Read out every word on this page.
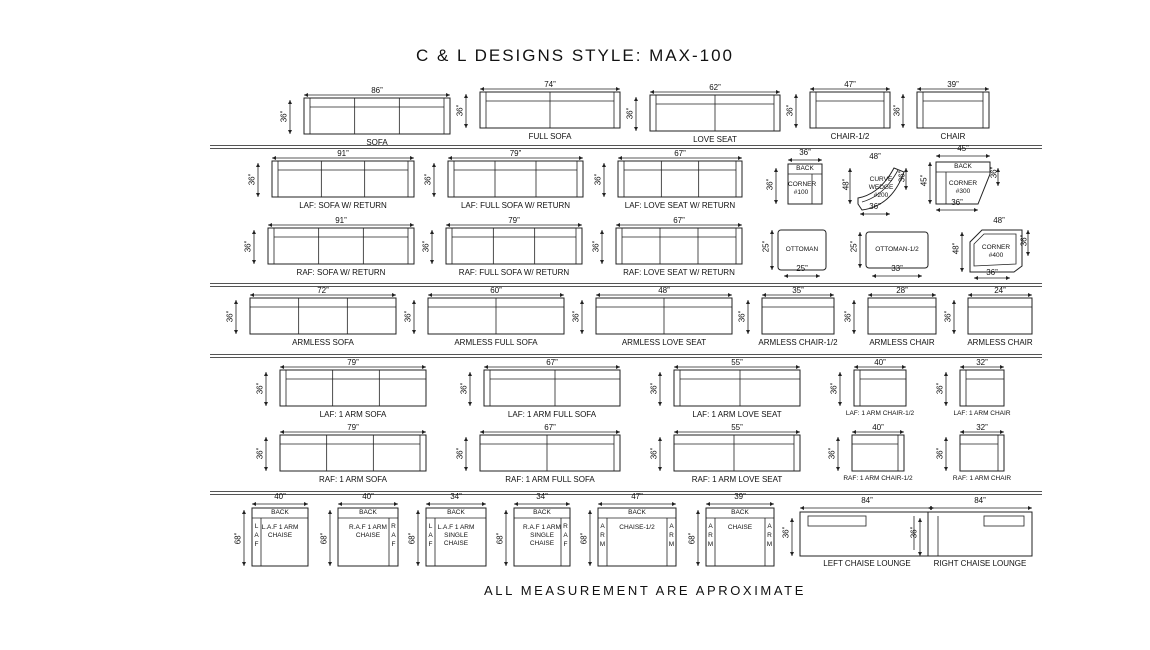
C & L DESIGNS STYLE: MAX-100
ALL MEASUREMENT ARE APROXIMATE
86”
36”
SOFA
74”
36”
FULL SOFA
62”
36”
LOVE SEAT
47”
36”
CHAIR-1/2
39”
36”
CHAIR
91”
36”
LAF: SOFA W/ RETURN
79”
36”
LAF: FULL SOFA W/ RETURN
67”
36”
LAF: LOVE SEAT W/ RETURN
91”
36”
RAF: SOFA W/ RETURN
79”
36”
RAF: FULL SOFA W/ RETURN
67”
36”
RAF: LOVE SEAT W/ RETURN
36”
36”
BACK
CORNER
#100
48”
48”
36”
CURVE
WEDGE
#200
36”
45”
45”
36”
BACK
CORNER
#300
36”
25”	OTTOMAN
25”
25”	OTTOMAN-1/2
33”
48”
48”
36”
CORNER
#400
36”
72”
36”
ARMLESS SOFA
60”
36”
ARMLESS FULL SOFA
48”
36”
ARMLESS LOVE SEAT
35”
36”
ARMLESS CHAIR-1/2
28”
36”
ARMLESS CHAIR
24”
36”
ARMLESS CHAIR
79”
36”
LAF: 1 ARM SOFA
67”
36”
LAF: 1 ARM FULL SOFA
55”
36”
LAF: 1 ARM LOVE SEAT
40”
36”
LAF: 1 ARM CHAIR-1/2
32”
36”
LAF: 1 ARM CHAIR
79”
36”
RAF: 1 ARM SOFA
67”
36”
RAF: 1 ARM FULL SOFA
55”
36”
RAF: 1 ARM LOVE SEAT
40”
36”
RAF: 1 ARM CHAIR-1/2
32”
36”
RAF: 1 ARM CHAIR
40”
68”
BACK
L.A.F 1 ARM
CHAISE
L
A
F
40”
68”
BACK
R.A.F 1 ARM
CHAISE
R
A
F
34”
68”
BACK
L.A.F 1 ARM
SINGLE
CHAISE
L
A
F
34”
68”
BACK
R.A.F 1 ARM
SINGLE
CHAISE
R
A
F
47”
68”
BACK
CHAISE-1/2
A
R
M
A
R
M
39”
68”
BACK
CHAISE
A
R
M
A
R
M
84”
36”
LEFT CHAISE LOUNGE
84”
36”
RIGHT CHAISE LOUNGE
